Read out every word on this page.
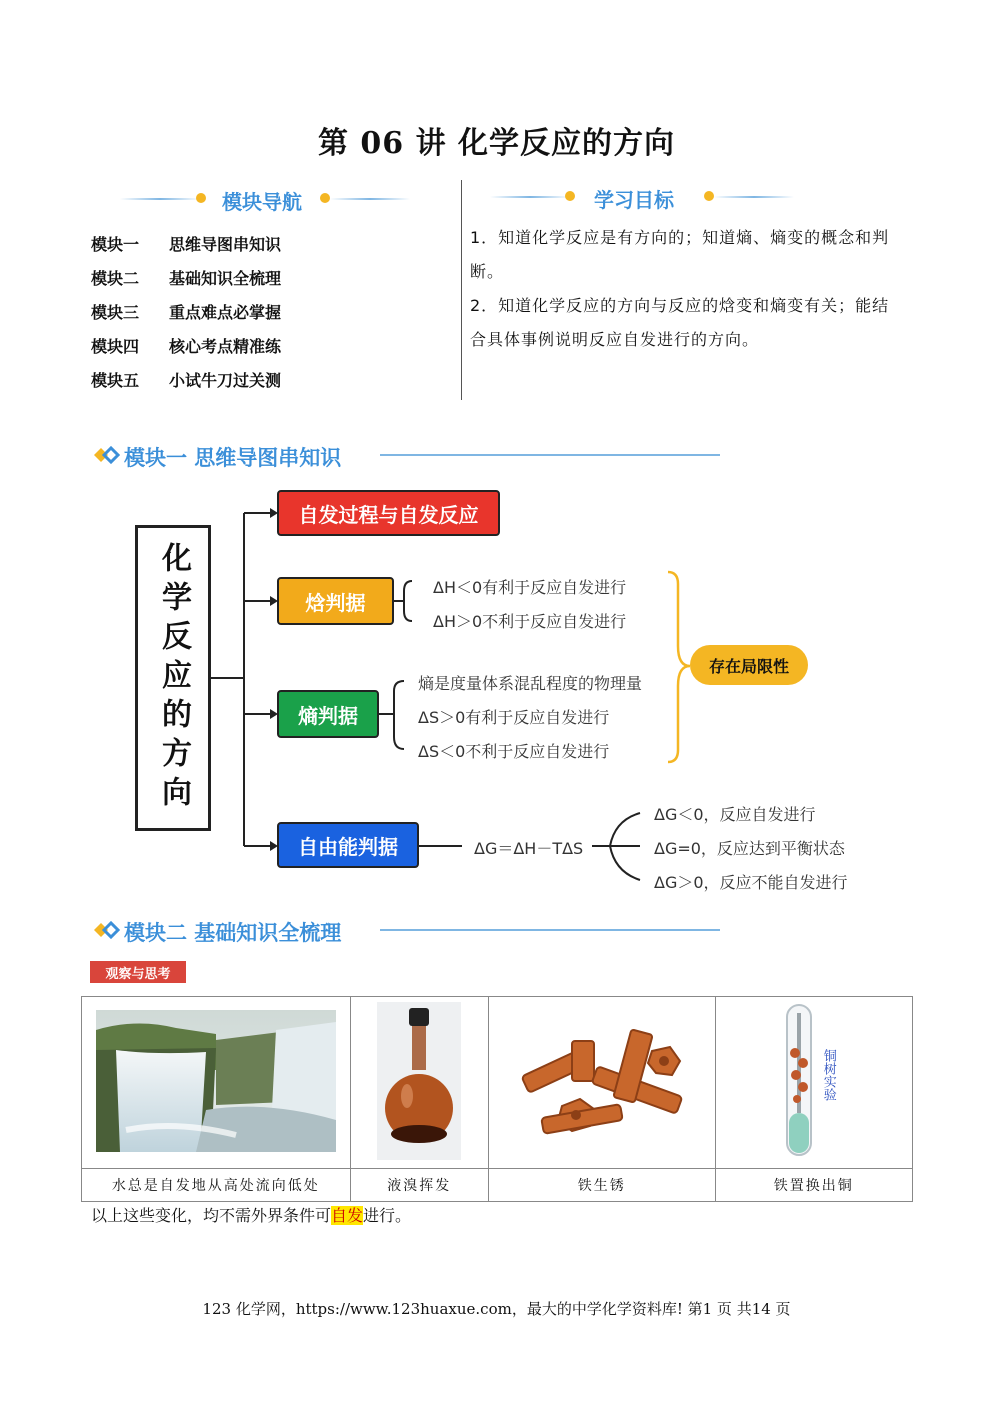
第 06 讲 化学反应的方向
模块导航
模块一 思维导图串知识
模块二 基础知识全梳理
模块三 重点难点必掌握
模块四 核心考点精准练
模块五 小试牛刀过关测
学习目标
1．知道化学反应是有方向的；知道熵、熵变的概念和判断。
2．知道化学反应的方向与反应的焓变和熵变有关；能结合具体事例说明反应自发进行的方向。
模块一 思维导图串知识
化学反应的方向
自发过程与自发反应
焓判据
熵判据
自由能判据
ΔH＜0有利于反应自发进行
ΔH＞0不利于反应自发进行
熵是度量体系混乱程度的物理量
ΔS＞0有利于反应自发进行
ΔS＜0不利于反应自发进行
存在局限性
ΔG＝ΔH－TΔS
ΔG＜0，反应自发进行
ΔG=0，反应达到平衡状态
ΔG＞0，反应不能自发进行
模块二 基础知识全梳理
观察与思考

铜树实验

水总是自发地从高处流向低处	液溴挥发	铁生锈	铁置换出铜
以上这些变化，均不需外界条件可自发进行。
123 化学网，https://www.123huaxue.com，最大的中学化学资料库! 第1 页 共14 页
